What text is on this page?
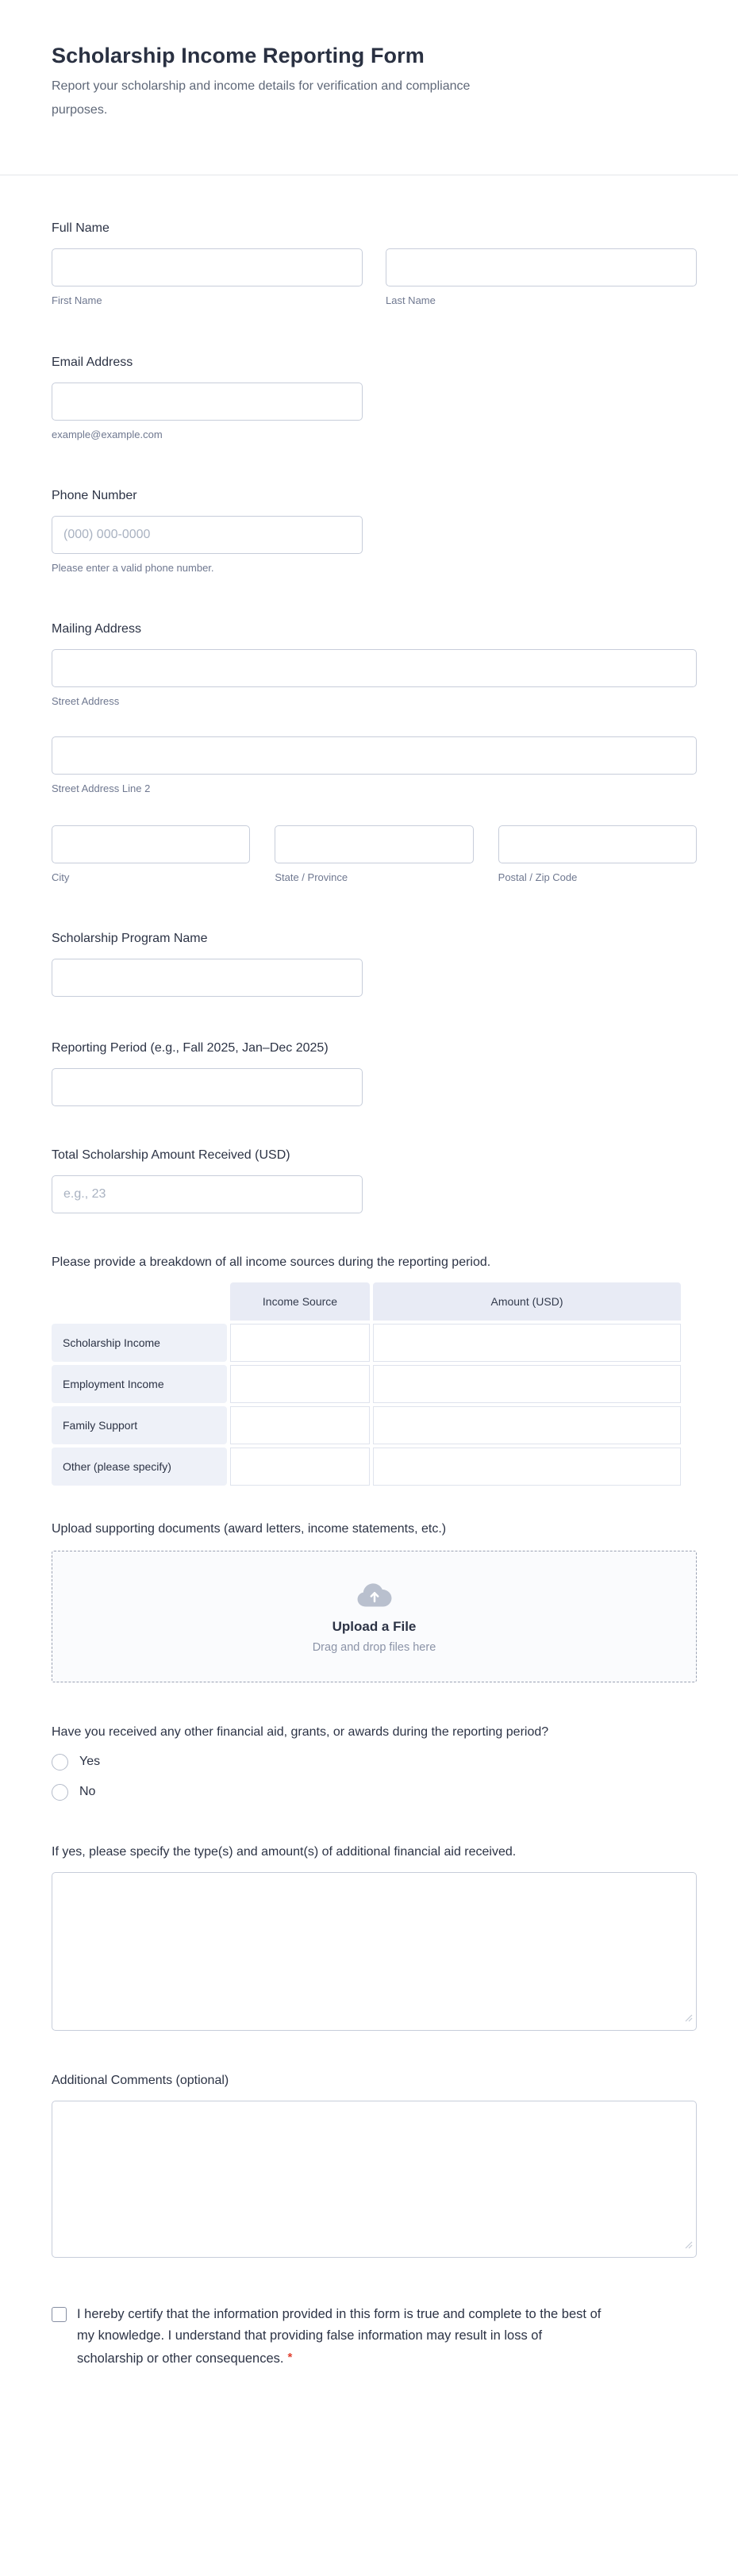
Scholarship Income Reporting Form
Report your scholarship and income details for verification and compliance purposes.
Full Name
First Name	Last Name
Email Address
example@example.com
Phone Number
(000) 000-0000
Please enter a valid phone number.
Mailing Address
Street Address
Street Address Line 2
City	State / Province	Postal / Zip Code
Scholarship Program Name
Reporting Period (e.g., Fall 2025, Jan–Dec 2025)
Total Scholarship Amount Received (USD)
e.g., 23
Please provide a breakdown of all income sources during the reporting period.
Income Source	Amount (USD)
Scholarship Income
Employment Income
Family Support
Other (please specify)
Upload supporting documents (award letters, income statements, etc.)
Upload a File
Drag and drop files here
Have you received any other financial aid, grants, or awards during the reporting period?
Yes
No
If yes, please specify the type(s) and amount(s) of additional financial aid received.
Additional Comments (optional)
I hereby certify that the information provided in this form is true and complete to the best of my knowledge. I understand that providing false information may result in loss of scholarship or other consequences. *
